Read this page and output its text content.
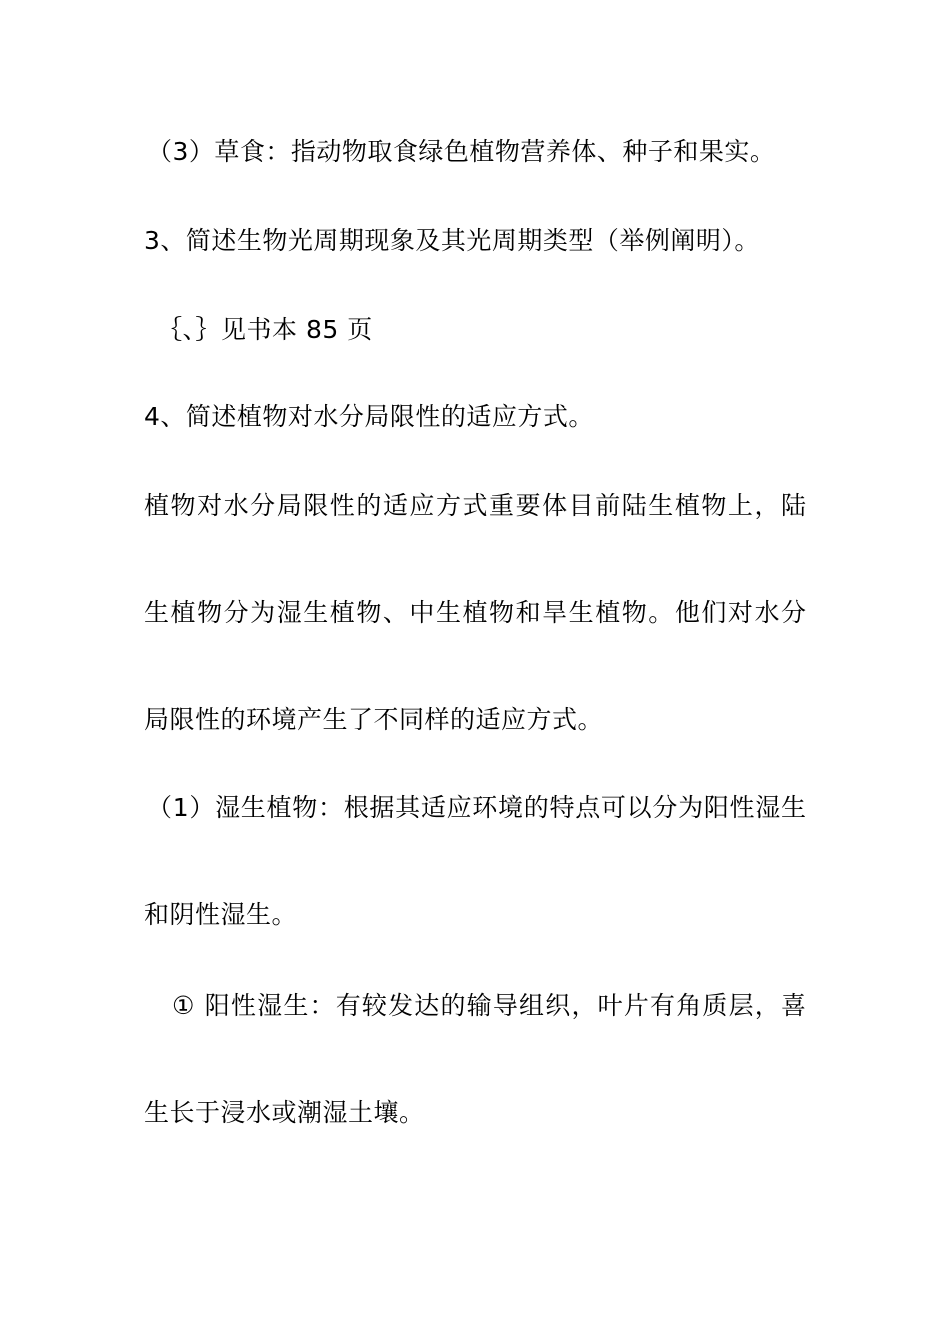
（3）草食：指动物取食绿色植物营养体、种子和果实。
3、简述生物光周期现象及其光周期类型（举例阐明）。
｛、｝见书本 85 页
4、简述植物对水分局限性的适应方式。
植物对水分局限性的适应方式重要体目前陆生植物上，陆
生植物分为湿生植物、中生植物和旱生植物。他们对水分
局限性的环境产生了不同样的适应方式。
（1）湿生植物：根据其适应环境的特点可以分为阳性湿生
和阴性湿生。
① 阳性湿生：有较发达的输导组织，叶片有角质层，喜
生长于浸水或潮湿土壤。
